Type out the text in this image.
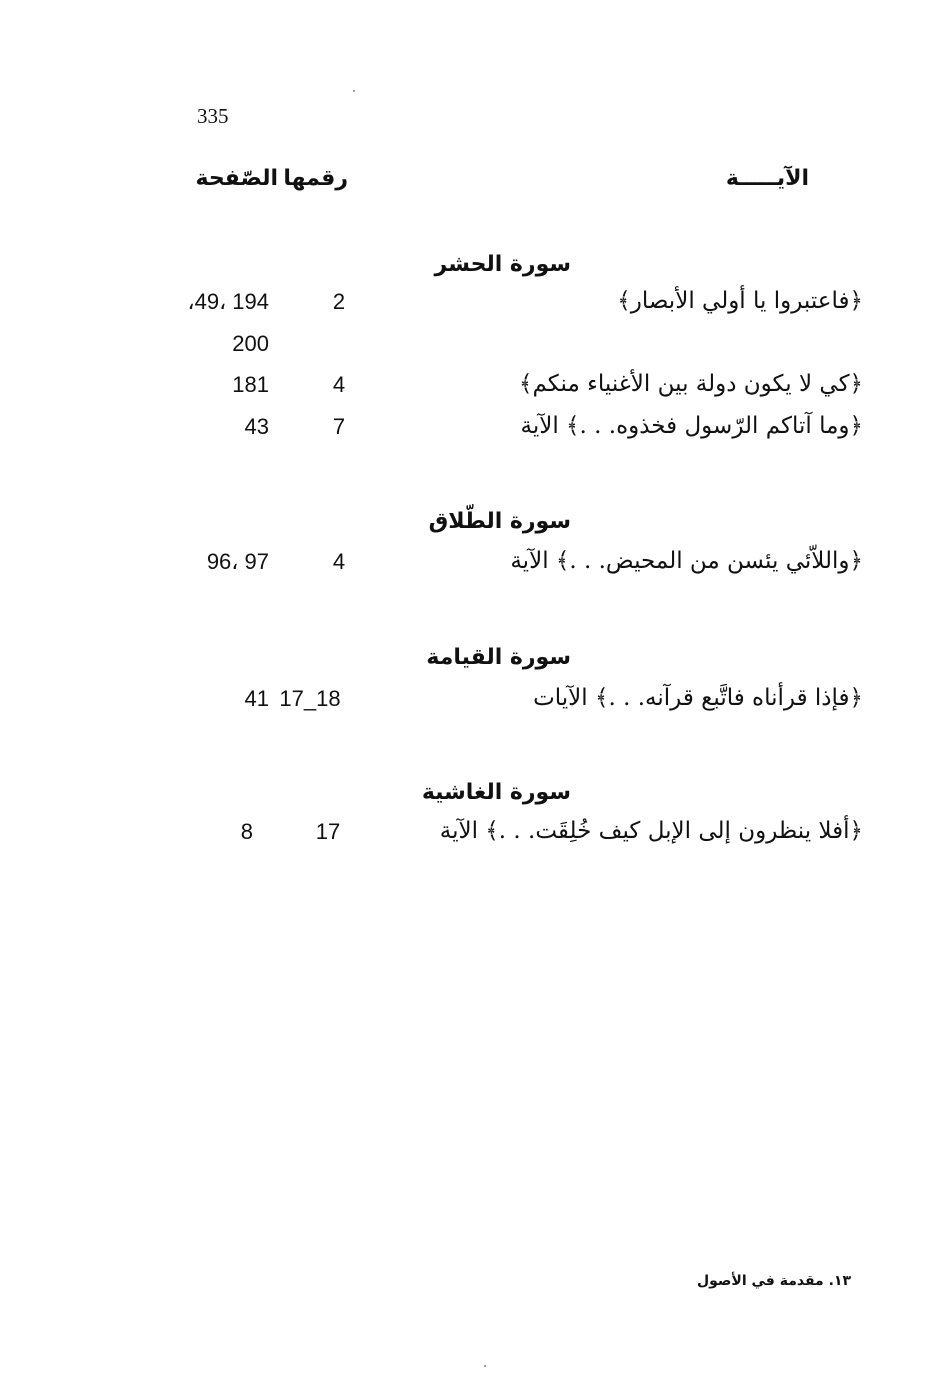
335
الآيـــــة
رقمها
الصّفحة
سورة الحشر
﴿فاعتبروا يا أولي الأبصار﴾
2
194 ،49،
200
﴿كي لا يكون دولة بين الأغنياء منكم﴾
4
181
﴿وما آتاكم الرّسول فخذوه. . .﴾ الآية
7
43
سورة الطّلاق
﴿واللاّئي يئسن من المحيض. . .﴾ الآية
4
97 ،96
سورة القيامة
﴿فإذا قرأناه فاتَّبع قرآنه. . .﴾ الآيات
17_18
41
سورة الغاشية
﴿أفلا ينظرون إلى الإبل كيف خُلِقَت. . .﴾ الآية
17
8
١٣. مقدمة في الأصول
